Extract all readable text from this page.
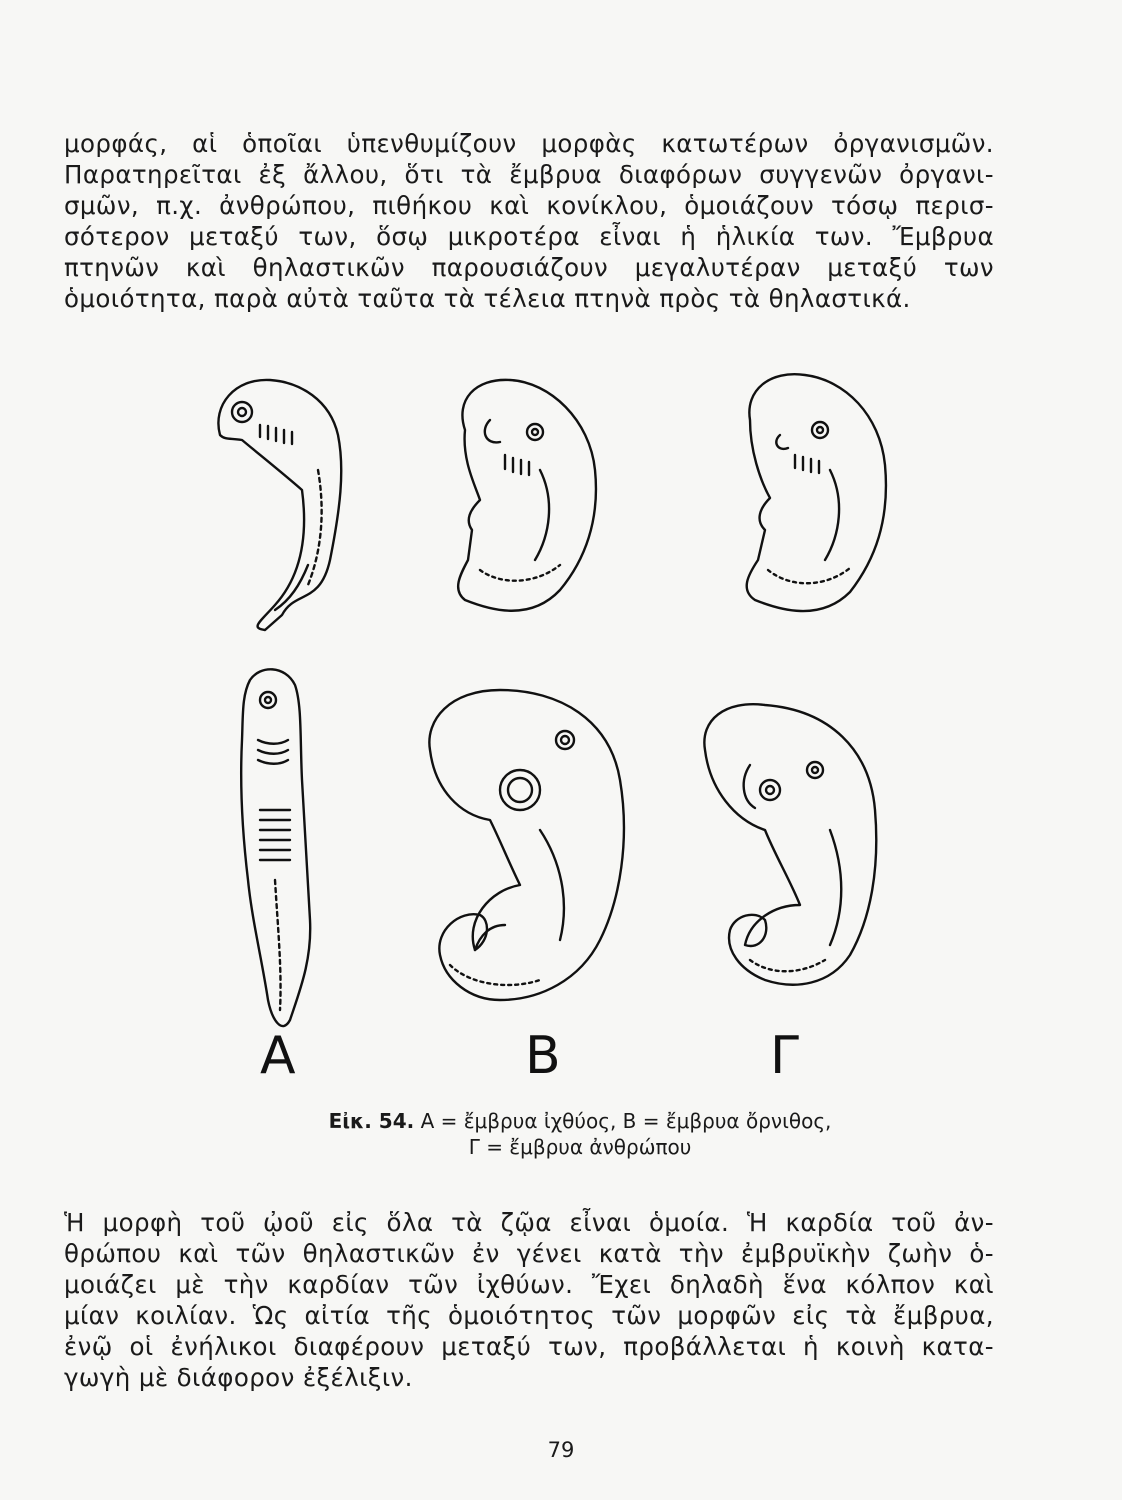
μορφάς, αἱ ὁποῖαι ὑπενθυμίζουν μορφὰς κατωτέρων ὀργανισμῶν.
Παρατηρεῖται ἐξ ἄλλου, ὅτι τὰ ἔμβρυα διαφόρων συγγενῶν ὀργανι-
σμῶν, π.χ. ἀνθρώπου, πιθήκου καὶ κονίκλου, ὁμοιάζουν τόσῳ περισ-
σότερον μεταξύ των, ὅσῳ μικροτέρα εἶναι ἡ ἡλικία των. Ἔμβρυα
πτηνῶν καὶ θηλαστικῶν παρουσιάζουν μεγαλυτέραν μεταξύ των
ὁμοιότητα, παρὰ αὐτὰ ταῦτα τὰ τέλεια πτηνὰ πρὸς τὰ θηλαστικά.
A	B	Γ
Εἰκ. 54. A = ἔμβρυα ἰχθύος, B = ἔμβρυα ὄρνιθος,
Γ = ἔμβρυα ἀνθρώπου
Ἡ μορφὴ τοῦ ᾠοῦ εἰς ὅλα τὰ ζῷα εἶναι ὁμοία. Ἡ καρδία τοῦ ἀν-
θρώπου καὶ τῶν θηλαστικῶν ἐν γένει κατὰ τὴν ἐμβρυϊκὴν ζωὴν ὁ-
μοιάζει μὲ τὴν καρδίαν τῶν ἰχθύων. Ἔχει δηλαδὴ ἕνα κόλπον καὶ
μίαν κοιλίαν. Ὡς αἰτία τῆς ὁμοιότητος τῶν μορφῶν εἰς τὰ ἔμβρυα,
ἐνῷ οἱ ἐνήλικοι διαφέρουν μεταξύ των, προβάλλεται ἡ κοινὴ κατα-
γωγὴ μὲ διάφορον ἐξέλιξιν.
79
